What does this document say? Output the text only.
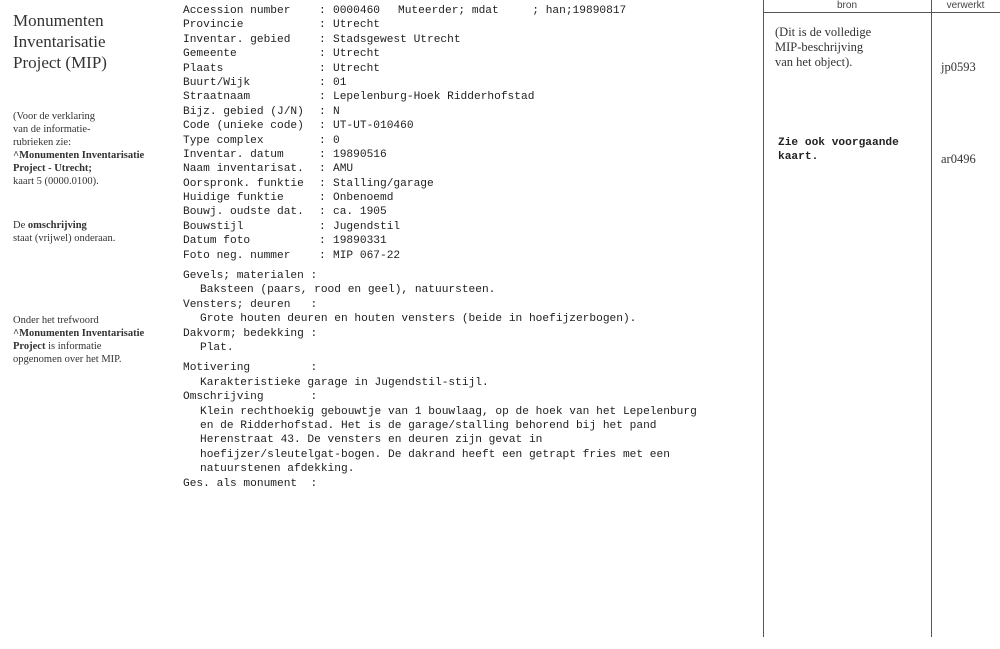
Monumenten
Inventarisatie
Project (MIP)
(Voor de verklaring
van de informatie-
rubrieken zie:
^Monumenten Inventarisatie
Project - Utrecht;
kaart 5 (0000.0100).
De omschrijving
staat (vrijwel) onderaan.
Onder het trefwoord
^Monumenten Inventarisatie
Project is informatie
opgenomen over het MIP.
Accession number	: 0000460 Muteerder; mdat     ; han;19890817
Provincie	: Utrecht
Inventar. gebied	: Stadsgewest Utrecht
Gemeente	: Utrecht
Plaats	: Utrecht
Buurt/Wijk	: 01
Straatnaam	: Lepelenburg-Hoek Ridderhofstad
Bijz. gebied (J/N) : N
Code (unieke code) : UT-UT-010460
Type complex	: 0
Inventar. datum	: 19890516
Naam inventarisat. : AMU
Oorspronk. funktie : Stalling/garage
Huidige funktie	: Onbenoemd
Bouwj. oudste dat. : ca. 1905
Bouwstijl	: Jugendstil
Datum foto	: 19890331
Foto neg. nummer	: MIP 067-22
Gevels; materialen :
Baksteen (paars, rood en geel), natuursteen.
Vensters; deuren   :
Grote houten deuren en houten vensters (beide in hoefijzerbogen).
Dakvorm; bedekking :
Plat.
Motivering         :
Karakteristieke garage in Jugendstil-stijl.
Omschrijving       :
Klein rechthoekig gebouwtje van 1 bouwlaag, op de hoek van het Lepelenburg
en de Ridderhofstad. Het is de garage/stalling behorend bij het pand
Herenstraat 43. De vensters en deuren zijn gevat in
hoefijzer/sleutelgat-bogen. De dakrand heeft een getrapt fries met een
natuurstenen afdekking.
Ges. als monument  :
bron	verwerkt
(Dit is de volledige
MIP-beschrijving
van het object).	jp0593
Zie ook voorgaande
kaart.	ar0496
